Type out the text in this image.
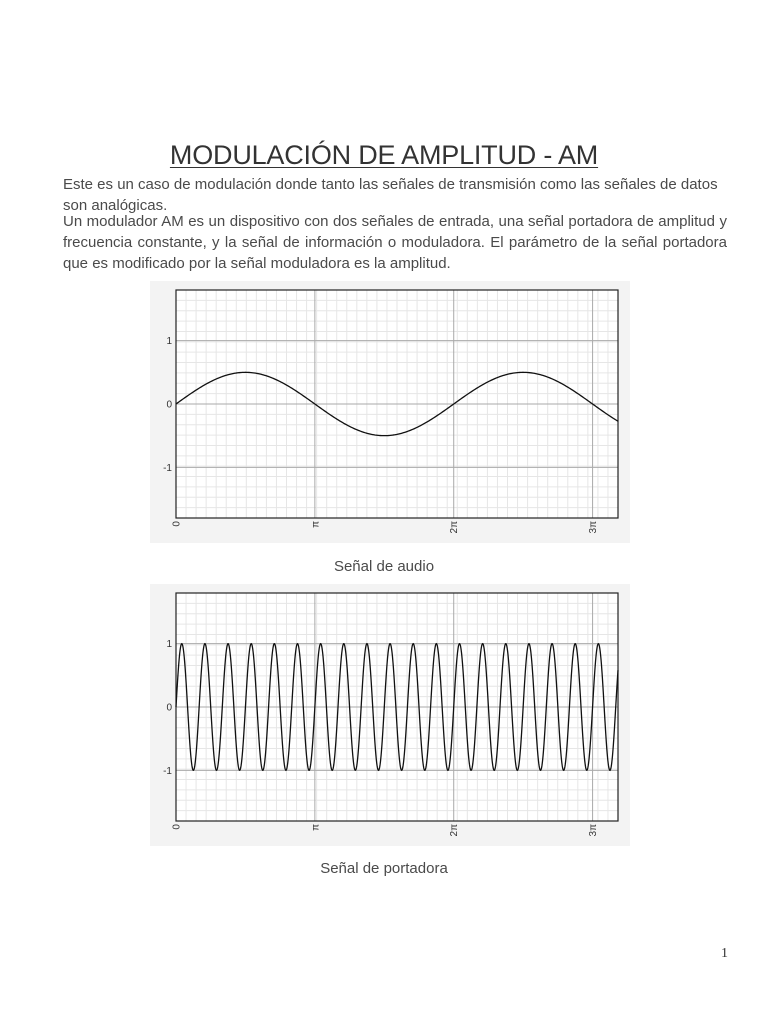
MODULACIÓN DE AMPLITUD - AM

Este es un caso de modulación donde tanto las señales de transmisión como las señales de datos son analógicas.

Un modulador AM es un dispositivo con dos señales de entrada, una señal portadora de amplitud y frecuencia constante, y la señal de información o moduladora. El parámetro de la señal portadora que es modificado por la señal moduladora es la amplitud.

1
0
-1
0	π	2π	3π
Señal de audio
1
0
-1
0	π	2π	3π
Señal de portadora
1
